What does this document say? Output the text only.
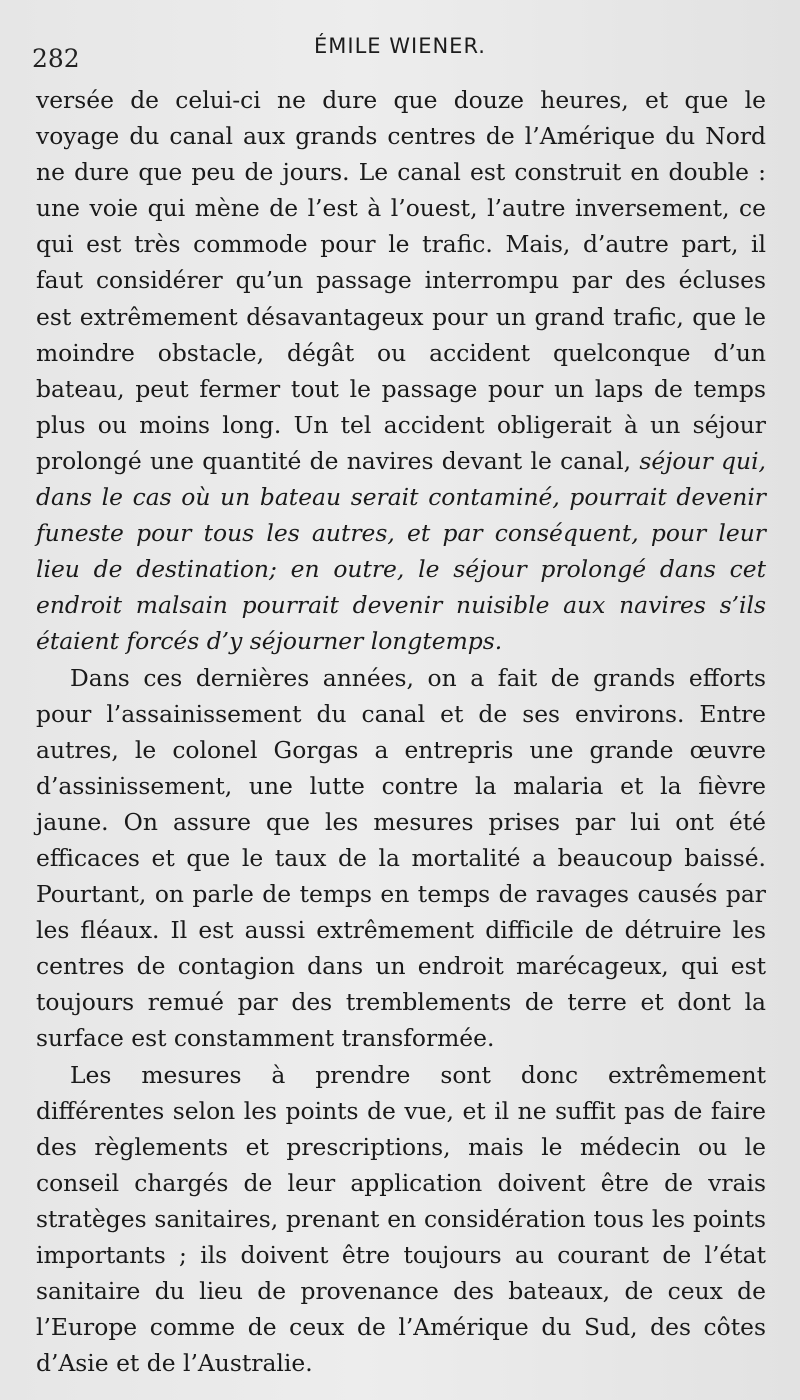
282	ÉMILE WIENER.

versée de celui-ci ne dure que douze heures, et que le voyage du canal aux grands centres de l’Amérique du Nord ne dure que peu de jours. Le canal est construit en double : une voie qui mène de l’est à l’ouest, l’autre inversement, ce qui est très commode pour le trafic. Mais, d’autre part, il faut considérer qu’un passage interrompu par des écluses est extrêmement désavantageux pour un grand trafic, que le moindre obstacle, dégât ou accident quelconque d’un bateau, peut fermer tout le passage pour un laps de temps plus ou moins long. Un tel accident obligerait à un séjour prolongé une quantité de navires devant le canal, séjour qui, dans le cas où un bateau serait contaminé, pourrait devenir funeste pour tous les autres, et par conséquent, pour leur lieu de destination; en outre, le séjour prolongé dans cet endroit malsain pourrait devenir nuisible aux navires s’ils étaient forcés d’y séjourner longtemps.

Dans ces dernières années, on a fait de grands efforts pour l’assainissement du canal et de ses environs. Entre autres, le colonel Gorgas a entrepris une grande œuvre d’assinissement, une lutte contre la malaria et la fièvre jaune. On assure que les mesures prises par lui ont été efficaces et que le taux de la mortalité a beaucoup baissé. Pourtant, on parle de temps en temps de ravages causés par les fléaux. Il est aussi extrêmement difficile de détruire les centres de contagion dans un endroit marécageux, qui est toujours remué par des tremblements de terre et dont la surface est constamment transformée.

Les mesures à prendre sont donc extrêmement différentes selon les points de vue, et il ne suffit pas de faire des règlements et prescriptions, mais le médecin ou le conseil chargés de leur application doivent être de vrais stratèges sanitaires, prenant en considération tous les points importants ; ils doivent être toujours au courant de l’état sanitaire du lieu de provenance des bateaux, de ceux de l’Europe comme de ceux de l’Amérique du Sud, des côtes d’Asie et de l’Australie.
